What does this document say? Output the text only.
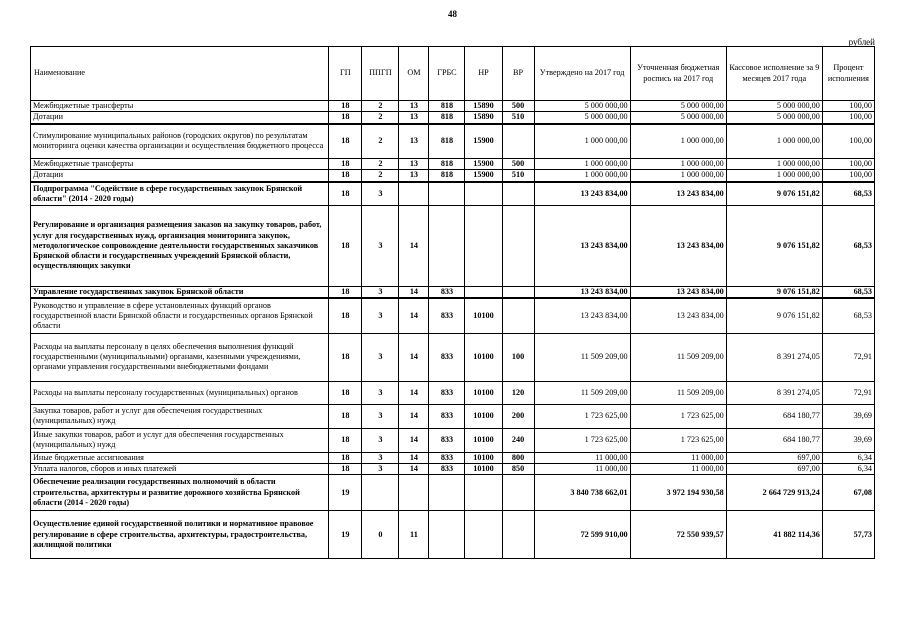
48
рублей
Наименование	ГП	ППГП	ОМ	ГРБС	НР	ВР	Утверждено на 2017 год	Уточненная бюджетная роспись на 2017 год	Кассовое исполнение за 9 месяцев 2017 года	Процент исполнения
Межбюджетные трансферты	18	2	13	818	15890	500	5 000 000,00	5 000 000,00	5 000 000,00	100,00
Дотации	18	2	13	818	15890	510	5 000 000,00	5 000 000,00	5 000 000,00	100,00
Стимулирование муниципальных районов (городских округов) по результатам мониторинга оценки качества организации и осуществления бюджетного процесса	18	2	13	818	15900		1 000 000,00	1 000 000,00	1 000 000,00	100,00
Межбюджетные трансферты	18	2	13	818	15900	500	1 000 000,00	1 000 000,00	1 000 000,00	100,00
Дотации	18	2	13	818	15900	510	1 000 000,00	1 000 000,00	1 000 000,00	100,00
Подпрограмма "Содействие в сфере государственных закупок Брянской области" (2014 - 2020 годы)	18	3					13 243 834,00	13 243 834,00	9 076 151,82	68,53
Регулирование и организация размещения заказов на закупку товаров, работ, услуг для государственных нужд, организация мониторинга закупок, методологическое сопровождение деятельности государственных заказчиков Брянской области и государственных учреждений Брянской области, осуществляющих закупки	18	3	14				13 243 834,00	13 243 834,00	9 076 151,82	68,53
Управление государственных закупок Брянской области	18	3	14	833			13 243 834,00	13 243 834,00	9 076 151,82	68,53
Руководство и управление в сфере установленных функций органов государственной власти Брянской области и государственных органов Брянской области	18	3	14	833	10100		13 243 834,00	13 243 834,00	9 076 151,82	68,53
Расходы на выплаты персоналу в целях обеспечения выполнения функций государственными (муниципальными) органами, казенными учреждениями, органами управления государственными внебюджетными фондами	18	3	14	833	10100	100	11 509 209,00	11 509 209,00	8 391 274,05	72,91
Расходы на выплаты персоналу государственных (муниципальных) органов	18	3	14	833	10100	120	11 509 209,00	11 509 209,00	8 391 274,05	72,91
Закупка товаров, работ и услуг для обеспечения государственных (муниципальных) нужд	18	3	14	833	10100	200	1 723 625,00	1 723 625,00	684 180,77	39,69
Иные закупки товаров, работ и услуг для обеспечения государственных (муниципальных) нужд	18	3	14	833	10100	240	1 723 625,00	1 723 625,00	684 180,77	39,69
Иные бюджетные ассигнования	18	3	14	833	10100	800	11 000,00	11 000,00	697,00	6,34
Уплата налогов, сборов и иных платежей	18	3	14	833	10100	850	11 000,00	11 000,00	697,00	6,34
Обеспечение реализации государственных полномочий в области строительства, архитектуры и развитие дорожного хозяйства Брянской области (2014 - 2020 годы)	19						3 840 738 662,01	3 972 194 930,58	2 664 729 913,24	67,08
Осуществление единой государственной политики и нормативное правовое регулирование в сфере строительства, архитектуры, градостроительства, жилищной политики	19	0	11				72 599 910,00	72 550 939,57	41 882 114,36	57,73
